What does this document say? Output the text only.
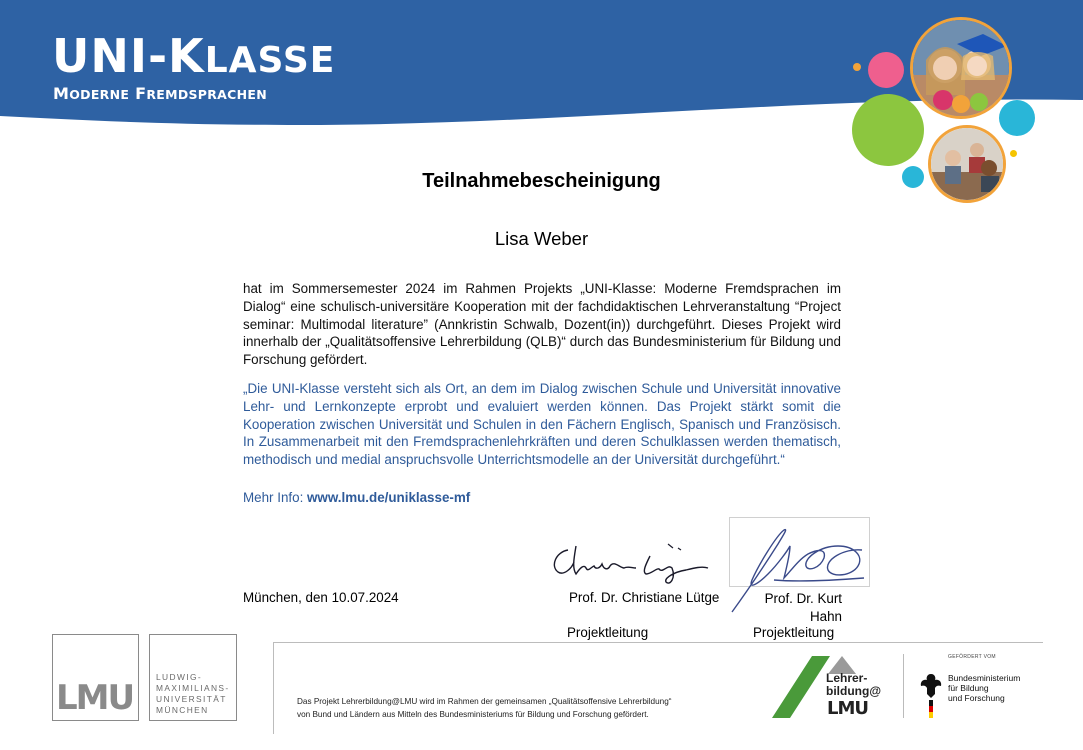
UNI-KLASSE
MODERNE FREMDSPRACHEN
Teilnahmebescheinigung
Lisa Weber
hat im Sommersemester 2024 im Rahmen Projekts „UNI-Klasse: Moderne Fremdsprachen im Dialog“ eine schulisch-universitäre Kooperation mit der fachdidaktischen Lehrveranstaltung “Project seminar: Multimodal literature” (Annkristin Schwalb, Dozent(in)) durchgeführt. Dieses Projekt wird innerhalb der „Qualitätsoffensive Lehrerbildung (QLB)“ durch das Bundesministerium für Bildung und Forschung gefördert.
„Die UNI-Klasse versteht sich als Ort, an dem im Dialog zwischen Schule und Universität innovative Lehr- und Lernkonzepte erprobt und evaluiert werden können. Das Projekt stärkt somit die Kooperation zwischen Universität und Schulen in den Fächern Englisch, Spanisch und Französisch. In Zusammenarbeit mit den Fremdsprachenlehrkräften und deren Schulklassen werden thematisch, methodisch und medial anspruchsvolle Unterrichtsmodelle an der Universität durchgeführt.“
Mehr Info: www.lmu.de/uniklasse-mf
München, den 10.07.2024	Prof. Dr. Christiane Lütge	Prof. Dr. Kurt Hahn
Projektleitung	Projektleitung
LMU
LUDWIG-
MAXIMILIANS-
UNIVERSITÄT
MÜNCHEN
Das Projekt Lehrerbildung@LMU wird im Rahmen der gemeinsamen „Qualitätsoffensive Lehrerbildung“
von Bund und Ländern aus Mitteln des Bundesministeriums für Bildung und Forschung gefördert.
Lehrer-
bildung@
LMU
GEFÖRDERT VOM
Bundesministerium
für Bildung
und Forschung
